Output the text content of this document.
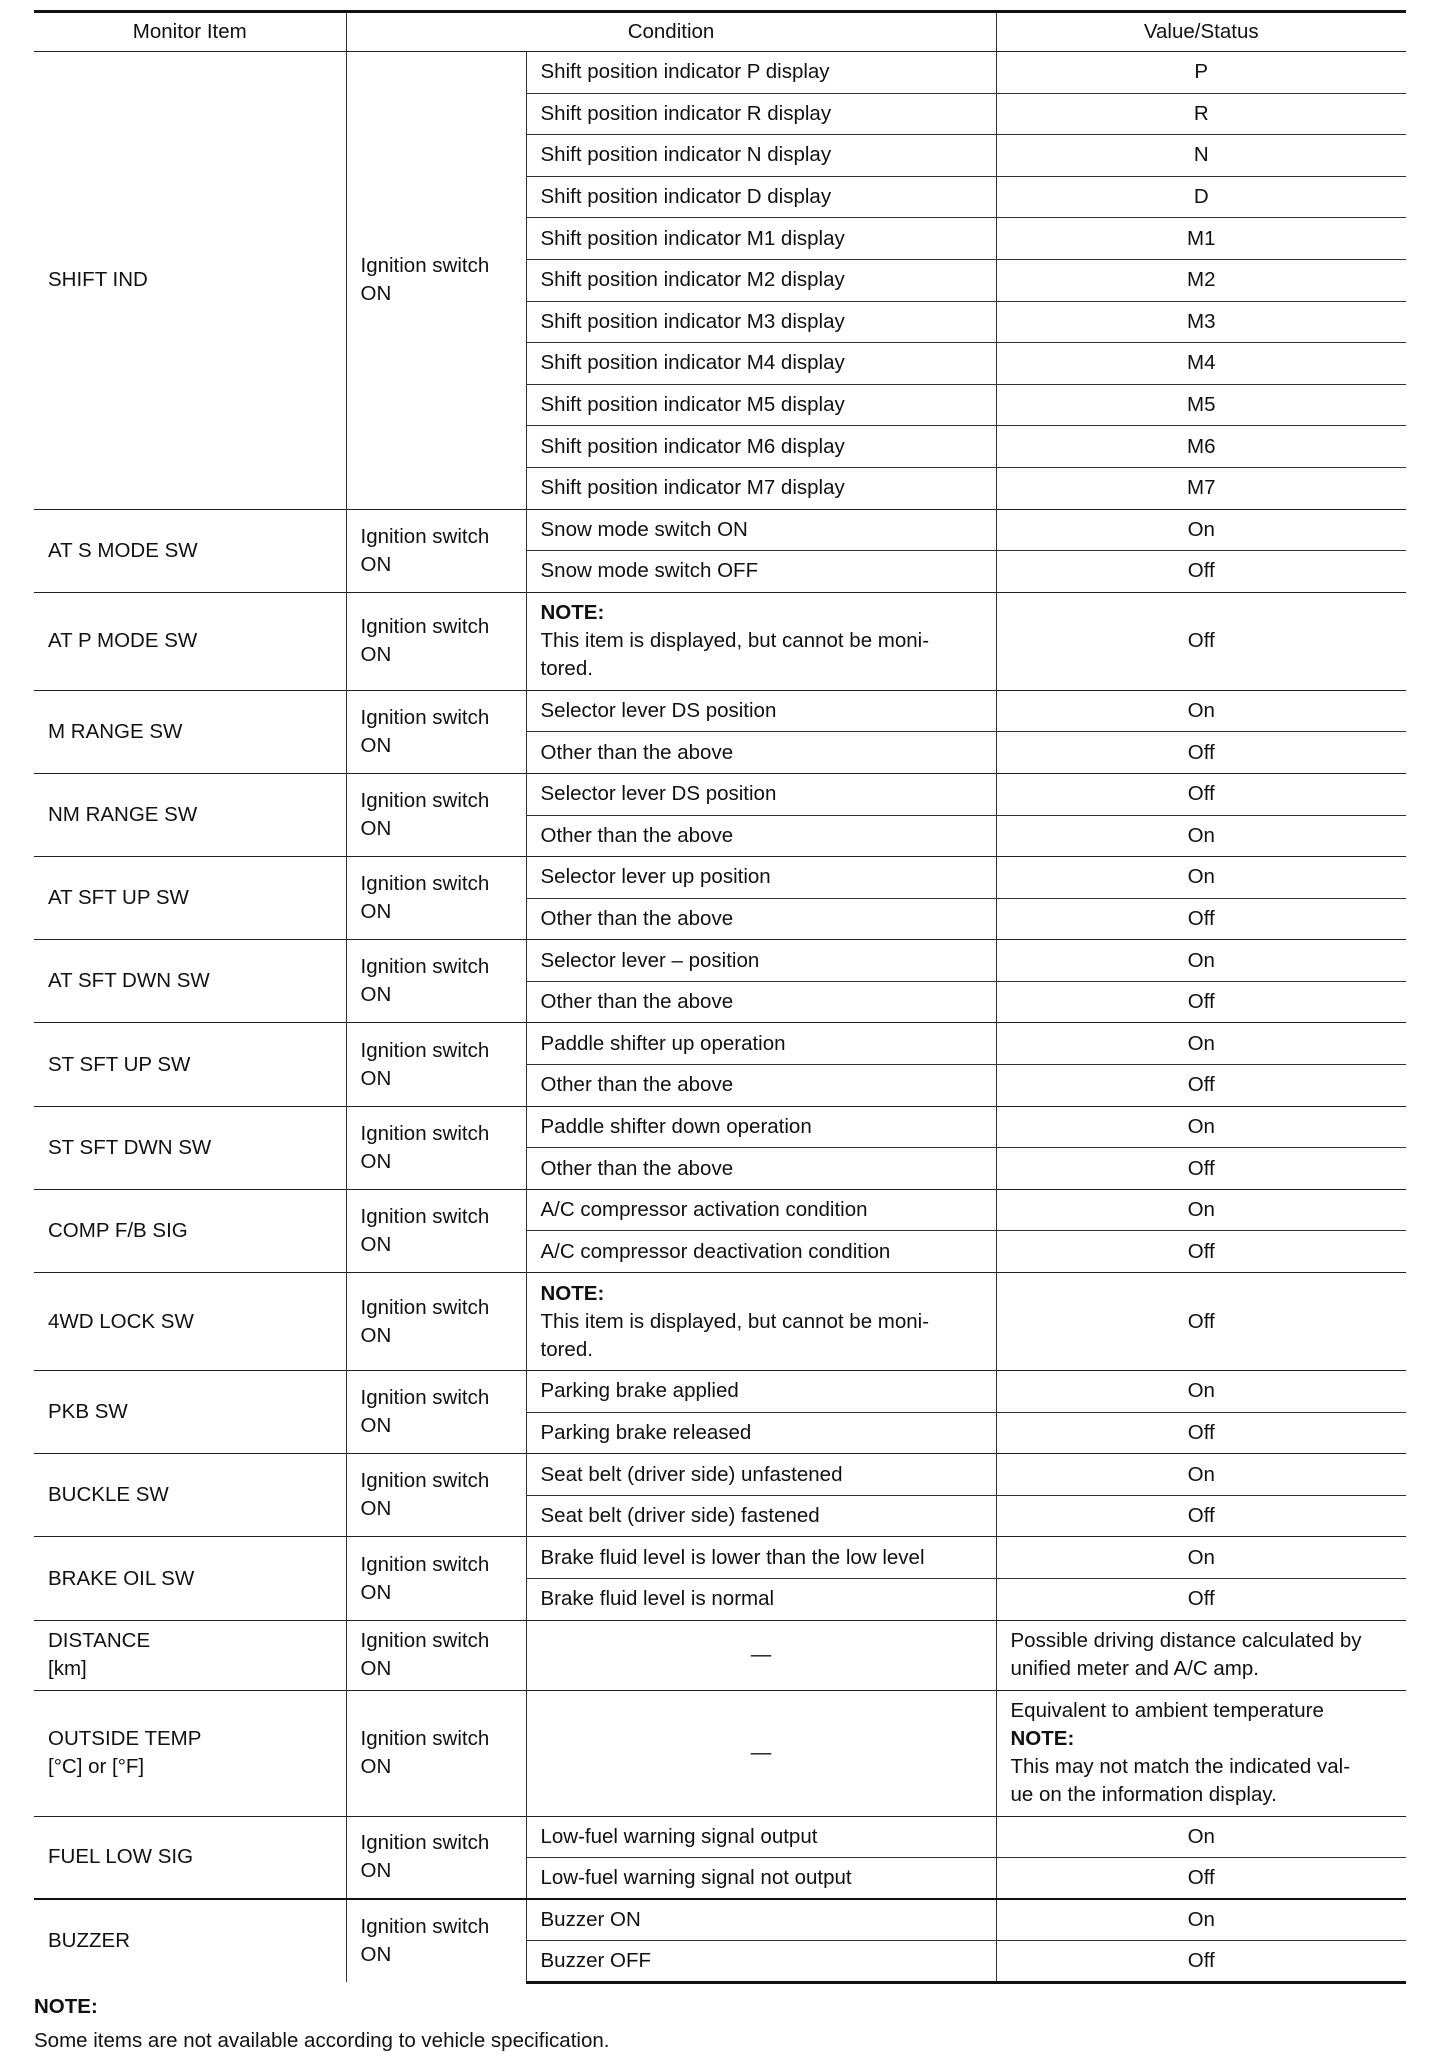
Monitor Item	Condition		Value/Status
SHIFT IND	Ignition switch
ON	Shift position indicator P display	P
		Shift position indicator R display	R
		Shift position indicator N display	N
		Shift position indicator D display	D
		Shift position indicator M1 display	M1
		Shift position indicator M2 display	M2
		Shift position indicator M3 display	M3
		Shift position indicator M4 display	M4
		Shift position indicator M5 display	M5
		Shift position indicator M6 display	M6
		Shift position indicator M7 display	M7
AT S MODE SW	Ignition switch
ON	Snow mode switch ON	On
		Snow mode switch OFF	Off
AT P MODE SW	Ignition switch
ON	NOTE:
This item is displayed, but cannot be moni-
tored.	Off
M RANGE SW	Ignition switch
ON	Selector lever DS position	On
		Other than the above	Off
NM RANGE SW	Ignition switch
ON	Selector lever DS position	Off
		Other than the above	On
AT SFT UP SW	Ignition switch
ON	Selector lever up position	On
		Other than the above	Off
AT SFT DWN SW	Ignition switch
ON	Selector lever – position	On
		Other than the above	Off
ST SFT UP SW	Ignition switch
ON	Paddle shifter up operation	On
		Other than the above	Off
ST SFT DWN SW	Ignition switch
ON	Paddle shifter down operation	On
		Other than the above	Off
COMP F/B SIG	Ignition switch
ON	A/C compressor activation condition	On
		A/C compressor deactivation condition	Off
4WD LOCK SW	Ignition switch
ON	NOTE:
This item is displayed, but cannot be moni-
tored.	Off
PKB SW	Ignition switch
ON	Parking brake applied	On
		Parking brake released	Off
BUCKLE SW	Ignition switch
ON	Seat belt (driver side) unfastened	On
		Seat belt (driver side) fastened	Off
BRAKE OIL SW	Ignition switch
ON	Brake fluid level is lower than the low level	On
		Brake fluid level is normal	Off

DISTANCE
[km]	Ignition switch
ON	—	Possible driving distance calculated by
unified meter and A/C amp.

OUTSIDE TEMP
[°C] or [°F]	Ignition switch
ON	—	Equivalent to ambient temperature
NOTE:
This may not match the indicated val-
ue on the information display.

FUEL LOW SIG	Ignition switch
ON	Low-fuel warning signal output	On
		Low-fuel warning signal not output	Off
BUZZER	Ignition switch
ON	Buzzer ON	On
		Buzzer OFF	Off
NOTE:
Some items are not available according to vehicle specification.
